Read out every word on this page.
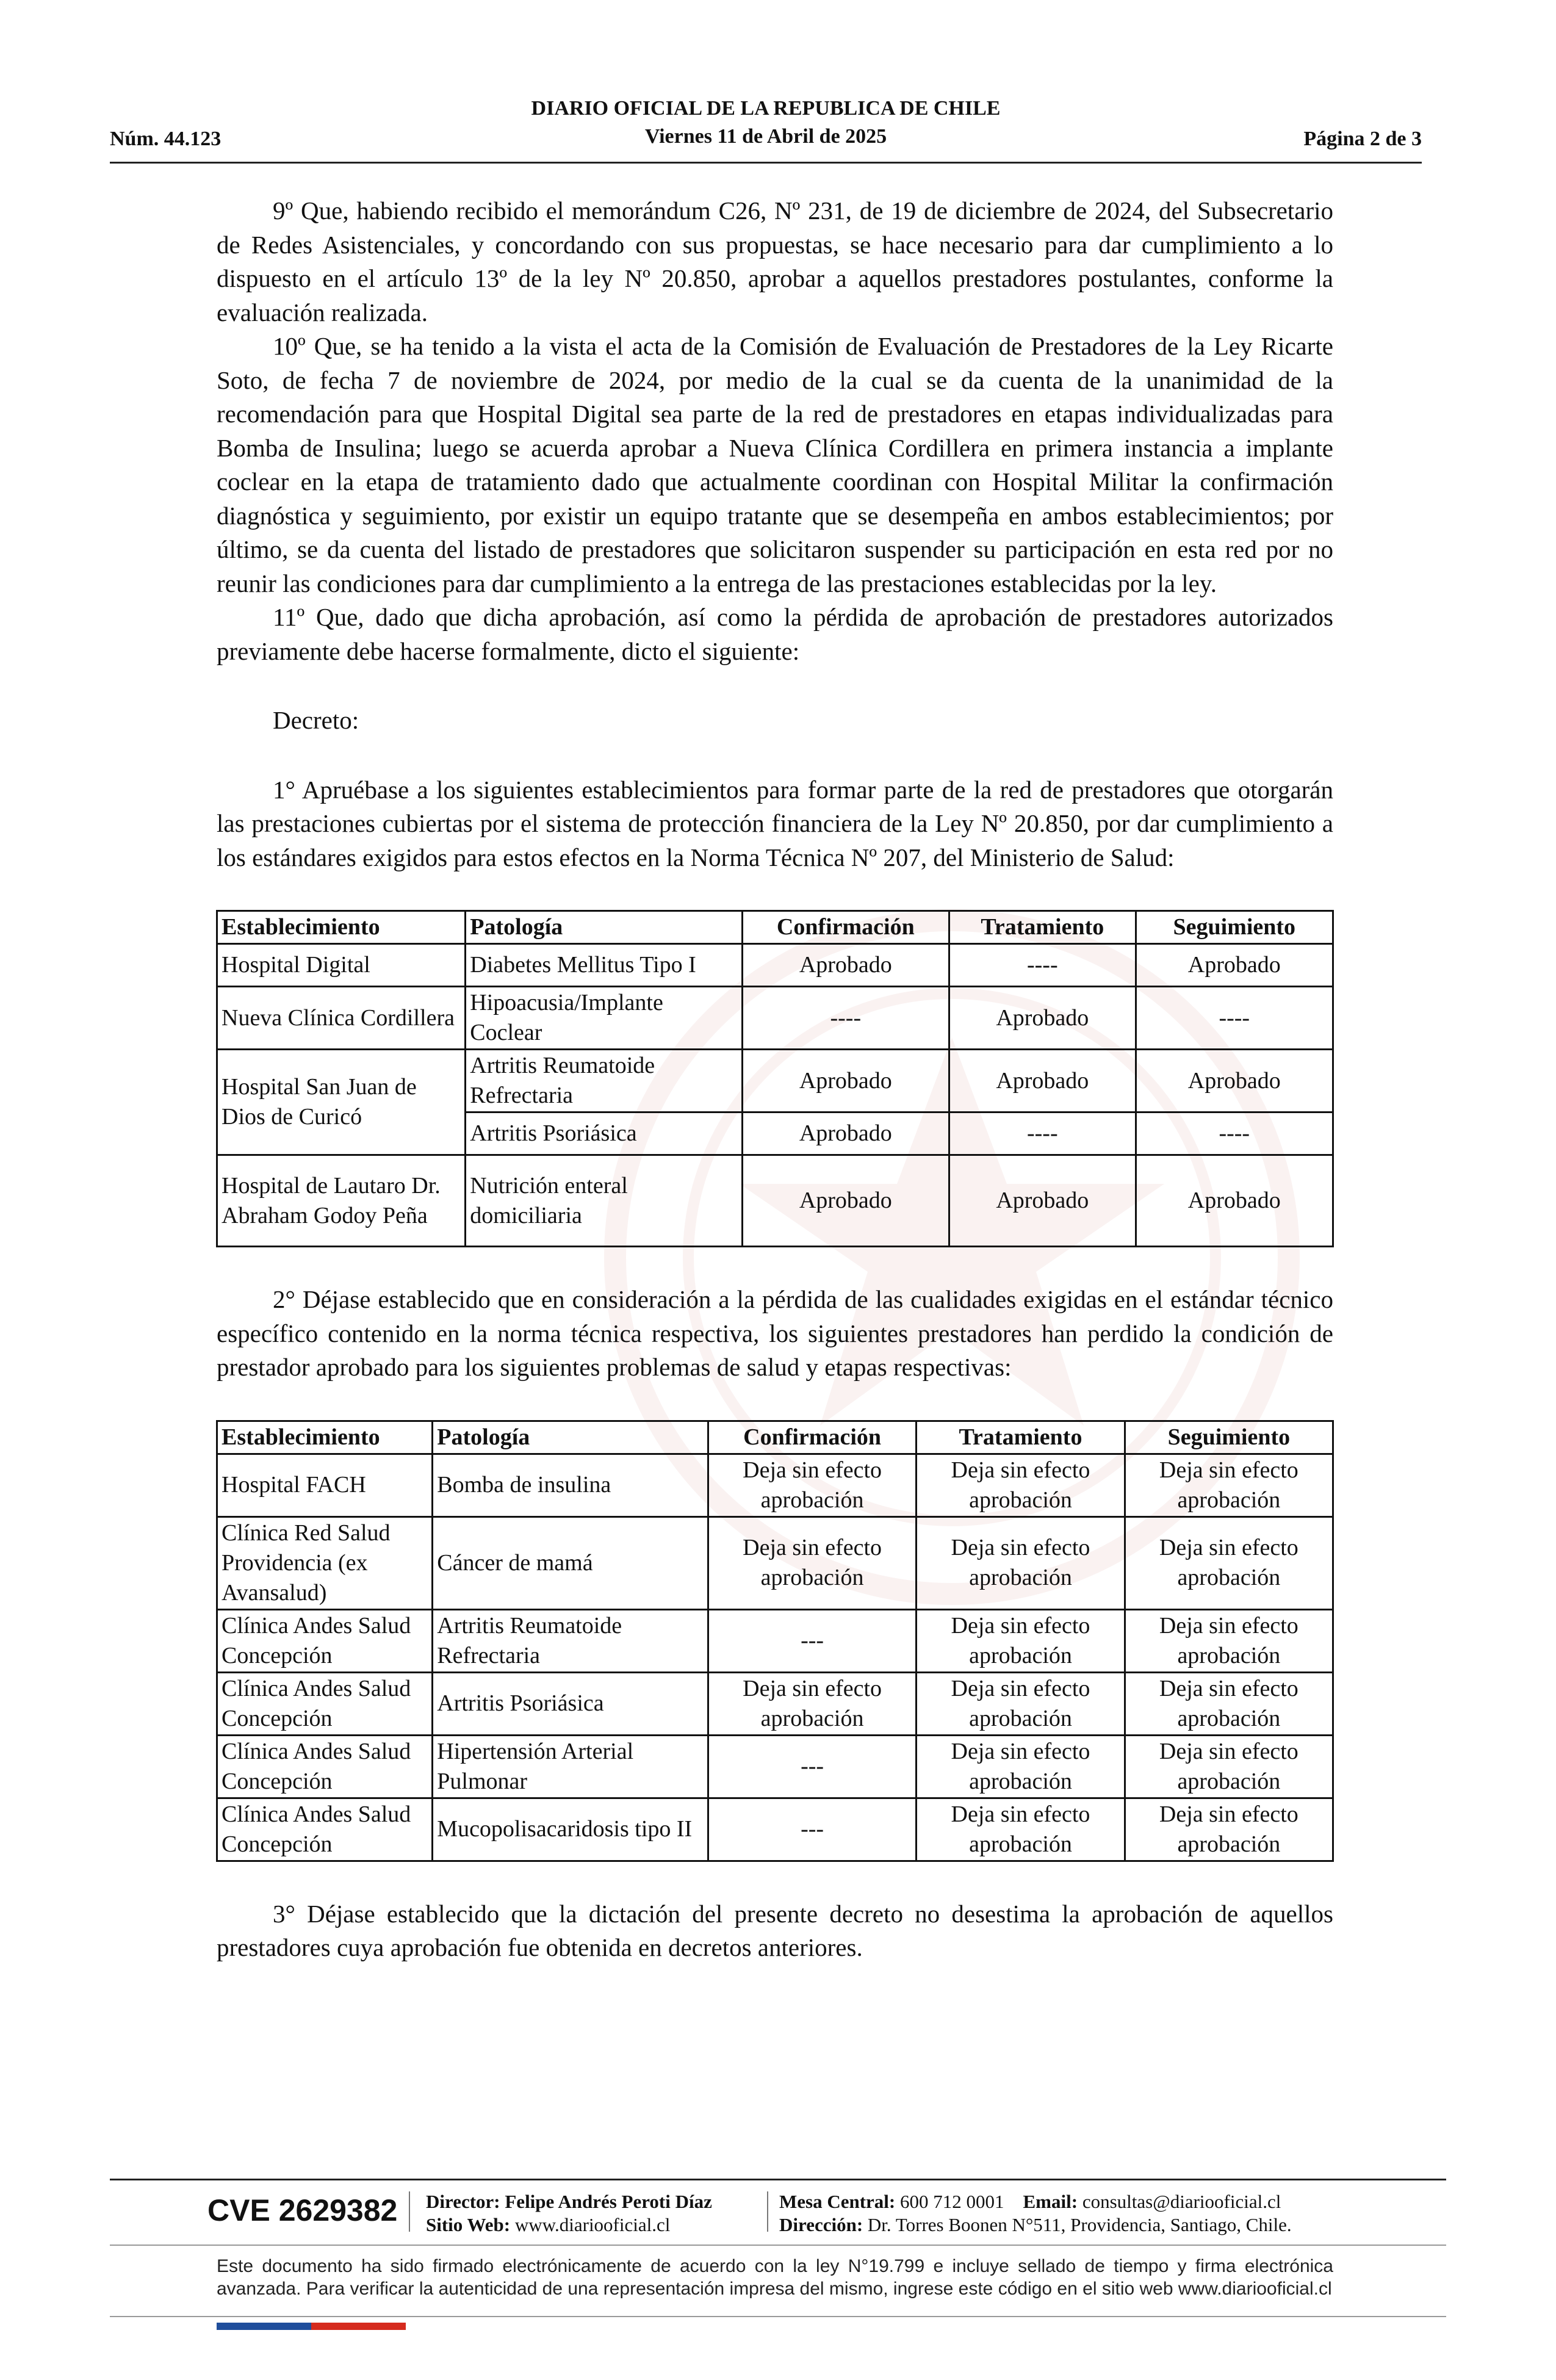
Núm. 44.123
DIARIO OFICIAL DE LA REPUBLICA DE CHILE
Viernes 11 de Abril de 2025	Página 2 de 3

9º Que, habiendo recibido el memorándum C26, Nº 231, de 19 de diciembre de 2024, del Subsecretario de Redes Asistenciales, y concordando con sus propuestas, se hace necesario para dar cumplimiento a lo dispuesto en el artículo 13º de la ley Nº 20.850, aprobar a aquellos prestadores postulantes, conforme la evaluación realizada.

10º Que, se ha tenido a la vista el acta de la Comisión de Evaluación de Prestadores de la Ley Ricarte Soto, de fecha 7 de noviembre de 2024, por medio de la cual se da cuenta de la unanimidad de la recomendación para que Hospital Digital sea parte de la red de prestadores en etapas individualizadas para Bomba de Insulina; luego se acuerda aprobar a Nueva Clínica Cordillera en primera instancia a implante coclear en la etapa de tratamiento dado que actualmente coordinan con Hospital Militar la confirmación diagnóstica y seguimiento, por existir un equipo tratante que se desempeña en ambos establecimientos; por último, se da cuenta del listado de prestadores que solicitaron suspender su participación en esta red por no reunir las condiciones para dar cumplimiento a la entrega de las prestaciones establecidas por la ley.

11º Que, dado que dicha aprobación, así como la pérdida de aprobación de prestadores autorizados previamente debe hacerse formalmente, dicto el siguiente:

Decreto:

1° Apruébase a los siguientes establecimientos para formar parte de la red de prestadores que otorgarán las prestaciones cubiertas por el sistema de protección financiera de la Ley Nº 20.850, por dar cumplimiento a los estándares exigidos para estos efectos en la Norma Técnica Nº 207, del Ministerio de Salud:

Establecimiento	Patología	Confirmación	Tratamiento	Seguimiento
Hospital Digital	Diabetes Mellitus Tipo I	Aprobado	----	Aprobado
Nueva Clínica Cordillera	Hipoacusia/Implante Coclear	----	Aprobado	----
Hospital San Juan de Dios de Curicó	Artritis Reumatoide Refrectaria	Aprobado	Aprobado	Aprobado
	Artritis Psoriásica	Aprobado	----	----
Hospital de Lautaro Dr. Abraham Godoy Peña	Nutrición enteral domiciliaria	Aprobado	Aprobado	Aprobado

2° Déjase establecido que en consideración a la pérdida de las cualidades exigidas en el estándar técnico específico contenido en la norma técnica respectiva, los siguientes prestadores han perdido la condición de prestador aprobado para los siguientes problemas de salud y etapas respectivas:

Establecimiento	Patología	Confirmación	Tratamiento	Seguimiento
Hospital FACH	Bomba de insulina	Deja sin efecto aprobación	Deja sin efecto aprobación	Deja sin efecto aprobación
Clínica Red Salud Providencia (ex Avansalud)	Cáncer de mamá	Deja sin efecto aprobación	Deja sin efecto aprobación	Deja sin efecto aprobación
Clínica Andes Salud Concepción	Artritis Reumatoide Refrectaria	---	Deja sin efecto aprobación	Deja sin efecto aprobación
Clínica Andes Salud Concepción	Artritis Psoriásica	Deja sin efecto aprobación	Deja sin efecto aprobación	Deja sin efecto aprobación
Clínica Andes Salud Concepción	Hipertensión Arterial Pulmonar	---	Deja sin efecto aprobación	Deja sin efecto aprobación
Clínica Andes Salud Concepción	Mucopolisacaridosis tipo II	---	Deja sin efecto aprobación	Deja sin efecto aprobación

3° Déjase establecido que la dictación del presente decreto no desestima la aprobación de aquellos prestadores cuya aprobación fue obtenida en decretos anteriores.

CVE 2629382 Director: Felipe Andrés Peroti Díaz
Sitio Web: www.diariooficial.cl
Mesa Central: 600 712 0001 Email: consultas@diariooficial.cl
Dirección: Dr. Torres Boonen N°511, Providencia, Santiago, Chile.
Este documento ha sido firmado electrónicamente de acuerdo con la ley N°19.799 e incluye sellado de tiempo y firma electrónica avanzada. Para verificar la autenticidad de una representación impresa del mismo, ingrese este código en el sitio web www.diariooficial.cl
